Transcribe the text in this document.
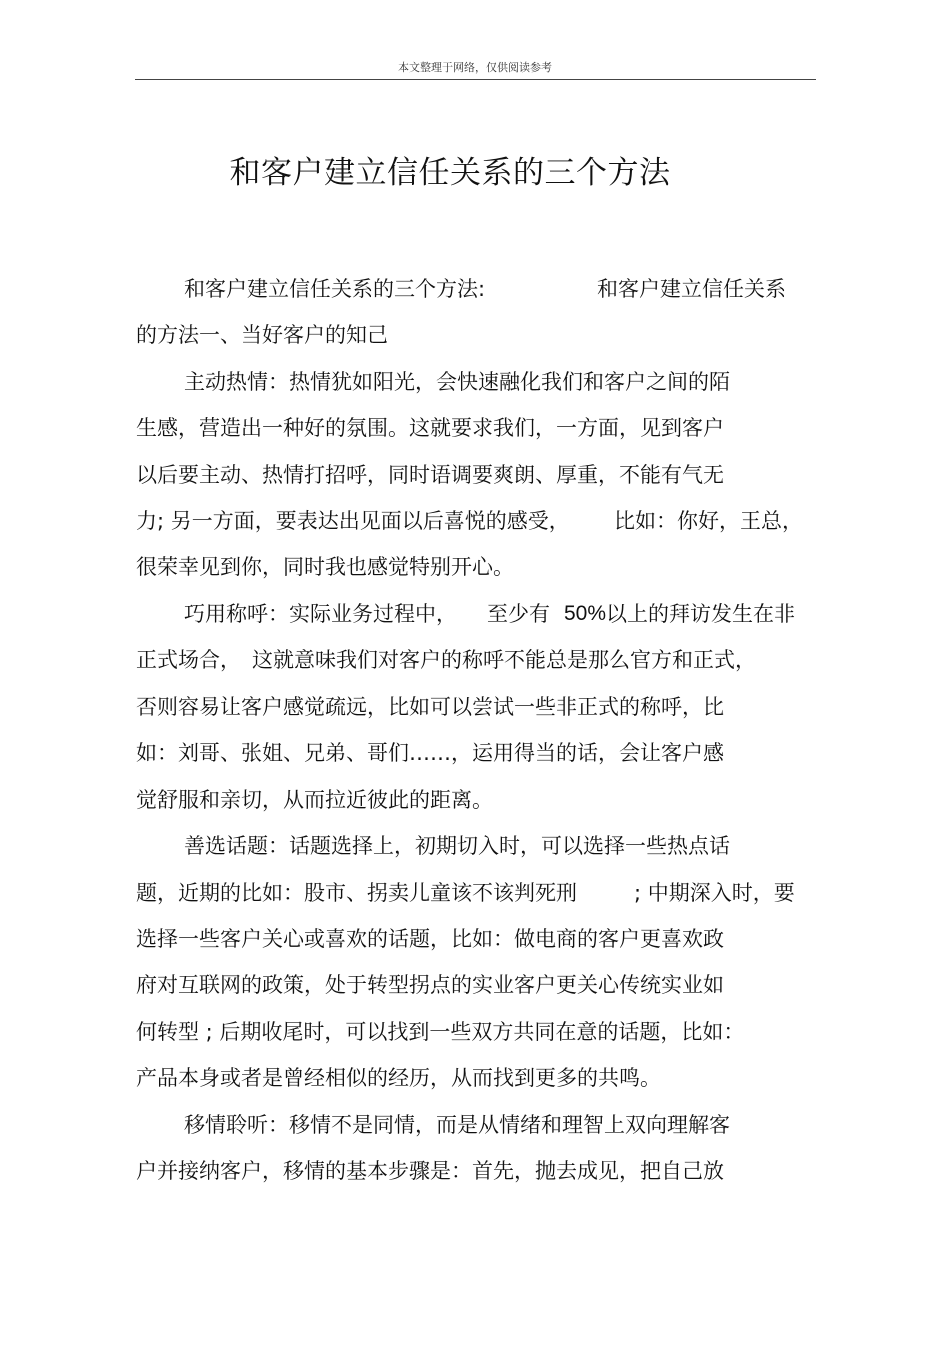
本文整理于网络，仅供阅读参考
和客户建立信任关系的三个方法
和客户建立信任关系的三个方法:	和客户建立信任关系
的方法一、当好客户的知己
主动热情：热情犹如阳光，会快速融化我们和客户之间的陌
生感，营造出一种好的氛围。这就要求我们，一方面，见到客户
以后要主动、热情打招呼，同时语调要爽朗、厚重，不能有气无
力; 另一方面，要表达出见面以后喜悦的感受， 比如：你好，王总，
很荣幸见到你，同时我也感觉特别开心。
巧用称呼：实际业务过程中， 至少有 50% 以上的拜访发生在非
正式场合， 这就意味我们对客户的称呼不能总是那么官方和正式，
否则容易让客户感觉疏远，比如可以尝试一些非正式的称呼，比
如：刘哥、张姐、兄弟、哥们……，运用得当的话，会让客户感
觉舒服和亲切，从而拉近彼此的距离。
善选话题：话题选择上，初期切入时，可以选择一些热点话
题，近期的比如：股市、拐卖儿童该不该判死刑	; 中期深入时，要
选择一些客户关心或喜欢的话题，比如：做电商的客户更喜欢政
府对互联网的政策，处于转型拐点的实业客户更关心传统实业如
何转型 ; 后期收尾时，可以找到一些双方共同在意的话题，比如：
产品本身或者是曾经相似的经历，从而找到更多的共鸣。
移情聆听：移情不是同情，而是从情绪和理智上双向理解客
户并接纳客户，移情的基本步骤是：首先，抛去成见，把自己放
